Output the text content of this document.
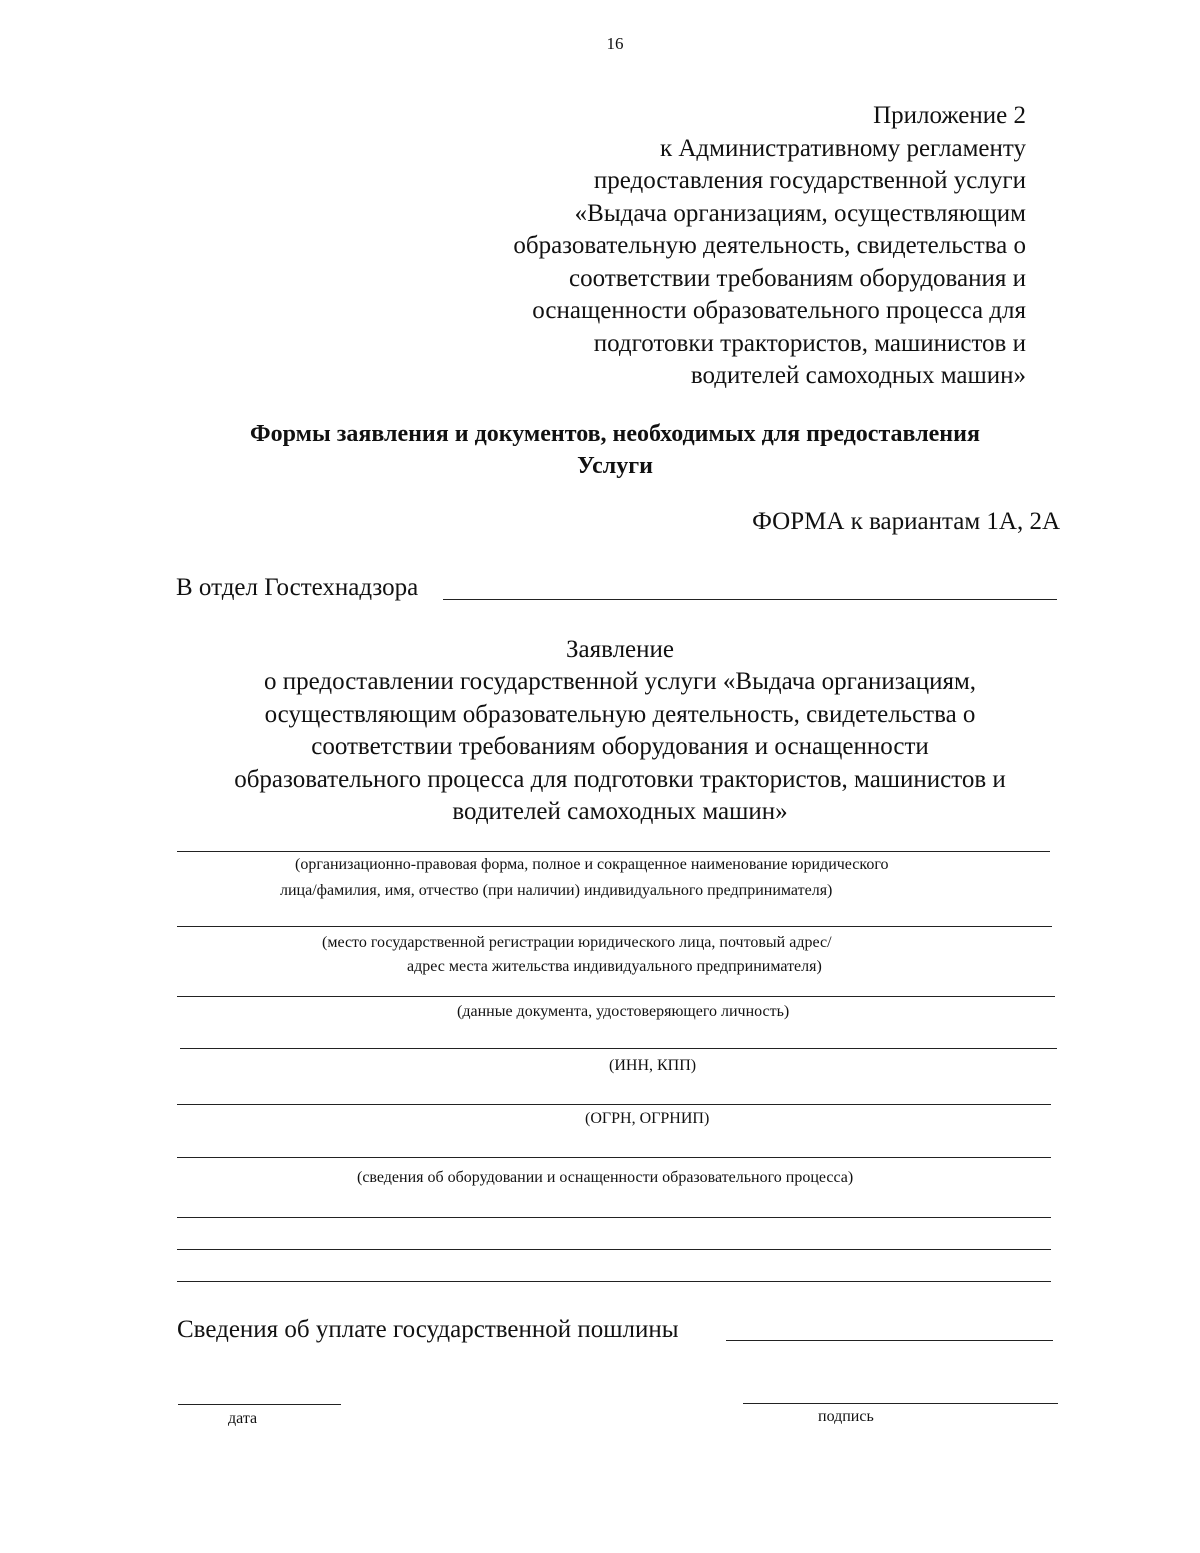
16
Приложение 2
к Административному регламенту
предоставления государственной услуги
«Выдача организациям, осуществляющим
образовательную деятельность, свидетельства о
соответствии требованиям оборудования и
оснащенности образовательного процесса для
подготовки трактористов, машинистов и
водителей самоходных машин»
Формы заявления и документов, необходимых для предоставления
Услуги
ФОРМА к вариантам 1А, 2А
В отдел Гостехнадзора
Заявление
о предоставлении государственной услуги «Выдача организациям,
осуществляющим образовательную деятельность, свидетельства о
соответствии требованиям оборудования и оснащенности
образовательного процесса для подготовки трактористов, машинистов и
водителей самоходных машин»
(организационно-правовая форма, полное и сокращенное наименование юридического
лица/фамилия, имя, отчество (при наличии) индивидуального предпринимателя)
(место государственной регистрации юридического лица, почтовый адрес/
адрес места жительства индивидуального предпринимателя)
(данные документа, удостоверяющего личность)
(ИНН, КПП)
(ОГРН, ОГРНИП)
(сведения об оборудовании и оснащенности образовательного процесса)
Сведения об уплате государственной пошлины
дата	подпись
